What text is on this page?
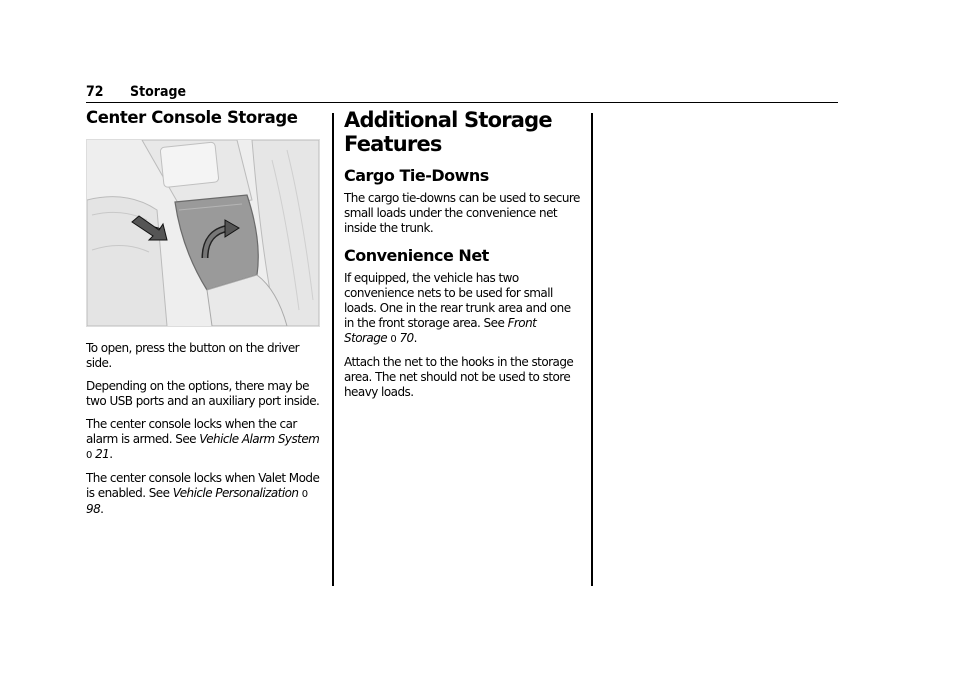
72 Storage
Center Console Storage

To open, press the button on the driver side.

Depending on the options, there may be two USB ports and an auxiliary port inside.

The center console locks when the car alarm is armed. See Vehicle Alarm System 0 21.

The center console locks when Valet Mode is enabled. See Vehicle Personalization 0 98.

Additional Storage Features
Cargo Tie-Downs

The cargo tie-downs can be used to secure small loads under the convenience net inside the trunk.

Convenience Net

If equipped, the vehicle has two convenience nets to be used for small loads. One in the rear trunk area and one in the front storage area. See Front Storage 0 70.

Attach the net to the hooks in the storage area. The net should not be used to store heavy loads.
